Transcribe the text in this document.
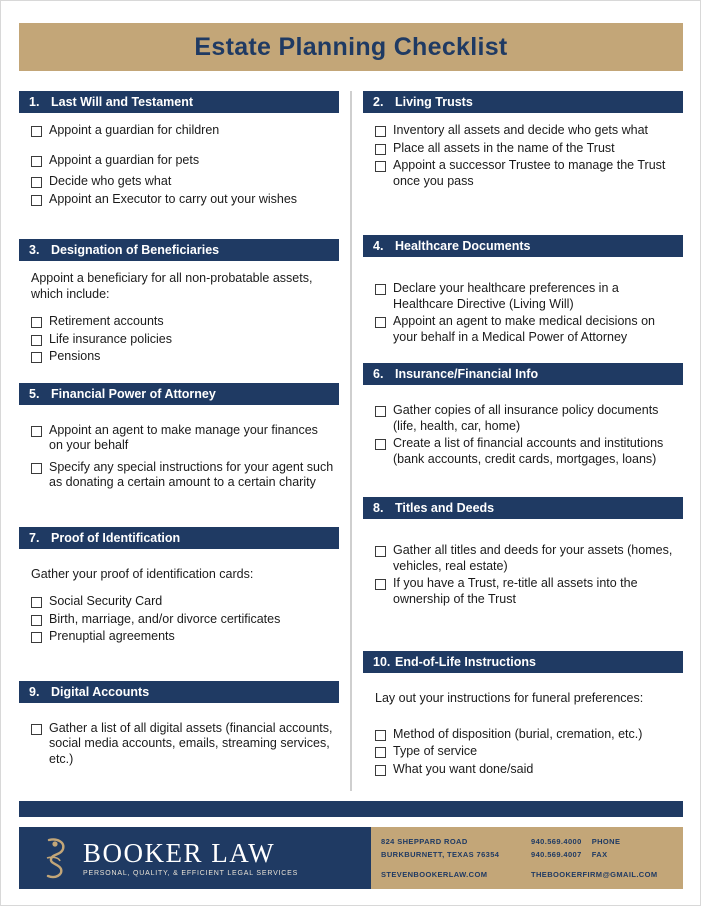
Estate Planning Checklist
1. Last Will and Testament
Appoint a guardian for children
Appoint a guardian for pets
Decide who gets what
Appoint an Executor to carry out your wishes
3. Designation of Beneficiaries

Appoint a beneficiary for all non-probatable assets, which include:

Retirement accounts
Life insurance policies
Pensions
5. Financial Power of Attorney
Appoint an agent to make manage your finances on your behalf
Specify any special instructions for your agent such as donating a certain amount to a certain charity
7. Proof of Identification

Gather your proof of identification cards:

Social Security Card
Birth, marriage, and/or divorce certificates
Prenuptial agreements
9. Digital Accounts
Gather a list of all digital assets (financial accounts, social media accounts, emails, streaming services, etc.)
2. Living Trusts
Inventory all assets and decide who gets what
Place all assets in the name of the Trust
Appoint a successor Trustee to manage the Trust once you pass
4. Healthcare Documents
Declare your healthcare preferences in a Healthcare Directive (Living Will)
Appoint an agent to make medical decisions on your behalf in a Medical Power of Attorney
6. Insurance/Financial Info
Gather copies of all insurance policy documents (life, health, car, home)
Create a list of financial accounts and institutions (bank accounts, credit cards, mortgages, loans)
8. Titles and Deeds
Gather all titles and deeds for your assets (homes, vehicles, real estate)
If you have a Trust, re-title all assets into the ownership of the Trust
10. End-of-Life Instructions

Lay out your instructions for funeral preferences:

Method of disposition (burial, cremation, etc.)
Type of service
What you want done/said
BOOKER LAW
PERSONAL, QUALITY, & EFFICIENT LEGAL SERVICES
824 SHEPPARD ROAD
BURKBURNETT, TEXAS 76354
STEVENBOOKERLAW.COM
940.569.4000 PHONE
940.569.4007 FAX
THEBOOKERFIRM@GMAIL.COM
